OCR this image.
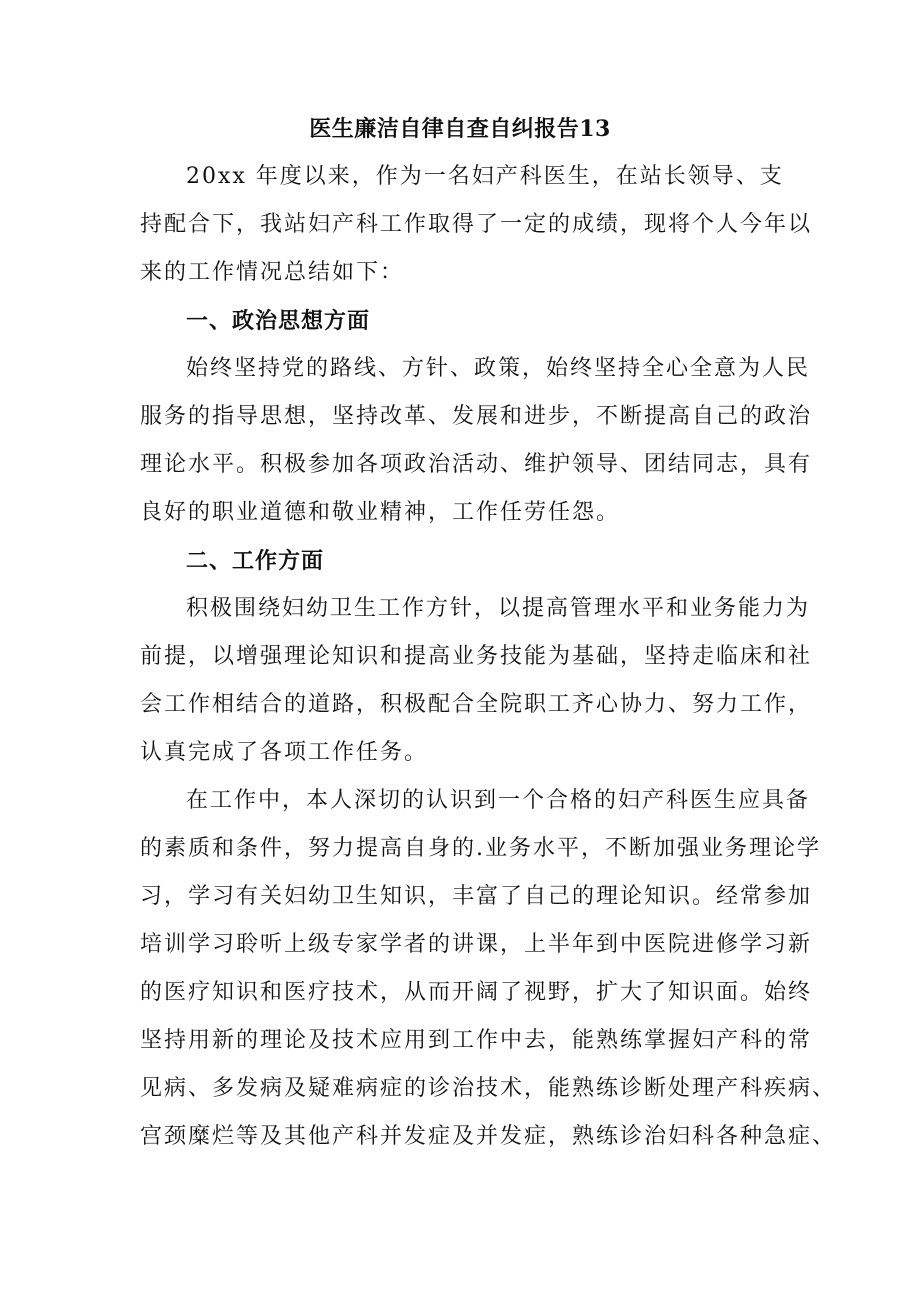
医生廉洁自律自查自纠报告13

20xx 年度以来，作为一名妇产科医生，在站长领导、支

持配合下，我站妇产科工作取得了一定的成绩，现将个人今年以

来的工作情况总结如下：

一、政治思想方面

始终坚持党的路线、方针、政策，始终坚持全心全意为人民

服务的指导思想，坚持改革、发展和进步，不断提高自己的政治

理论水平。积极参加各项政治活动、维护领导、团结同志，具有

良好的职业道德和敬业精神，工作任劳任怨。

二、工作方面

积极围绕妇幼卫生工作方针，以提高管理水平和业务能力为

前提，以增强理论知识和提高业务技能为基础，坚持走临床和社

会工作相结合的道路，积极配合全院职工齐心协力、努力工作，

认真完成了各项工作任务。

在工作中，本人深切的认识到一个合格的妇产科医生应具备

的素质和条件，努力提高自身的.业务水平，不断加强业务理论学

习，学习有关妇幼卫生知识，丰富了自己的理论知识。经常参加

培训学习聆听上级专家学者的讲课，上半年到中医院进修学习新

的医疗知识和医疗技术，从而开阔了视野，扩大了知识面。始终

坚持用新的理论及技术应用到工作中去，能熟练掌握妇产科的常

见病、多发病及疑难病症的诊治技术，能熟练诊断处理产科疾病、

宫颈糜烂等及其他产科并发症及并发症，熟练诊治妇科各种急症、
